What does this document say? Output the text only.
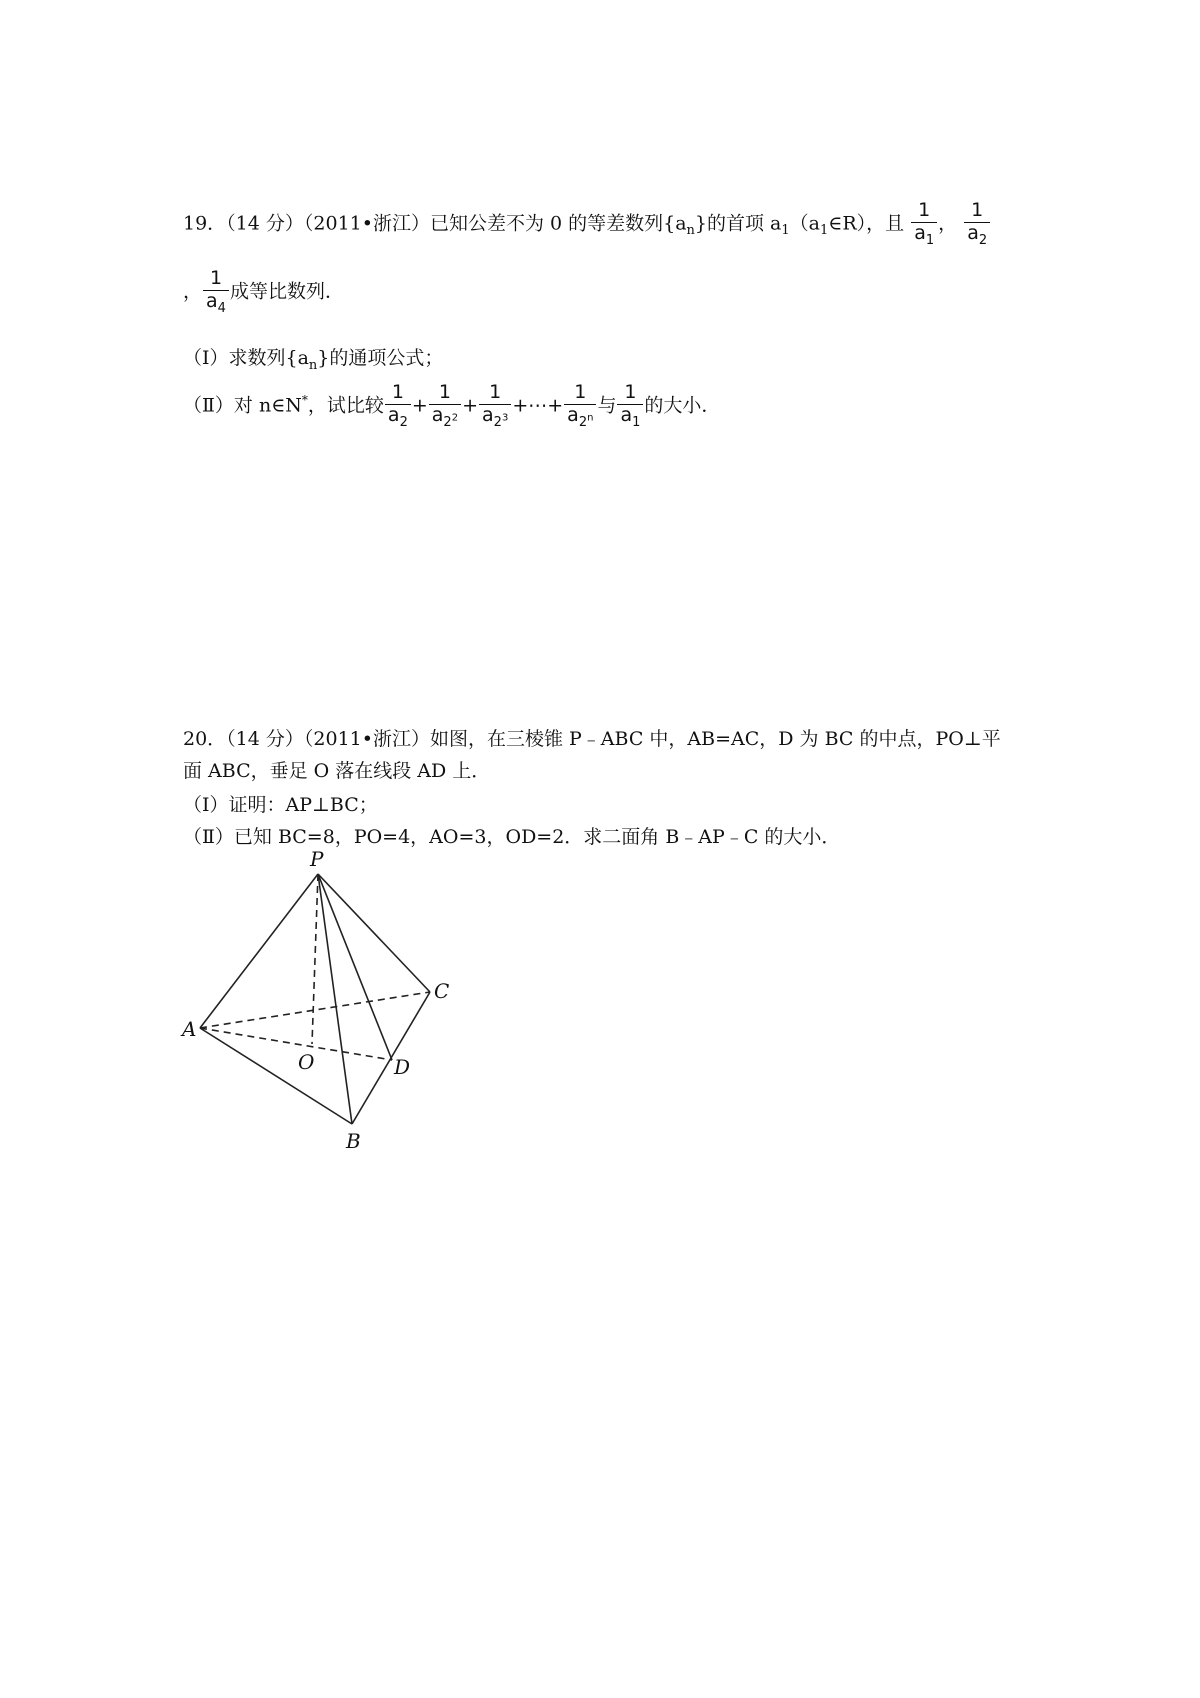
19．（14 分）（2011•浙江）已知公差不为 0 的等差数列$\{a_n\}$的首项 $a_1(a_1\in R)$，且 $\frac{1}{a_1}$ ， $\frac{1}{a_2}$
， $\frac{1}{a_4}$ 成等比数列．
（Ⅰ）求数列$\{a_n\}$的通项公式；
（Ⅱ）对 n∈N*，试比较 $\frac{1}{a_2} + \frac{1}{a_{2^2}} + \frac{1}{a_{2^3}}$ +⋯+ $\frac{1}{a_{2^n}}$ 与 $\frac{1}{a_1}$ 的大小．
20．（14 分）（2011•浙江）如图，在三棱锥 P﹣ABC 中，AB=AC，D 为 BC 的中点，PO⊥平
面 ABC，垂足 O 落在线段 AD 上．
（Ⅰ）证明：AP⊥BC；
（Ⅱ）已知 BC=8，PO=4，AO=3，OD=2．求二面角 B﹣AP﹣C 的大小．
P
A
C
O	D
B
